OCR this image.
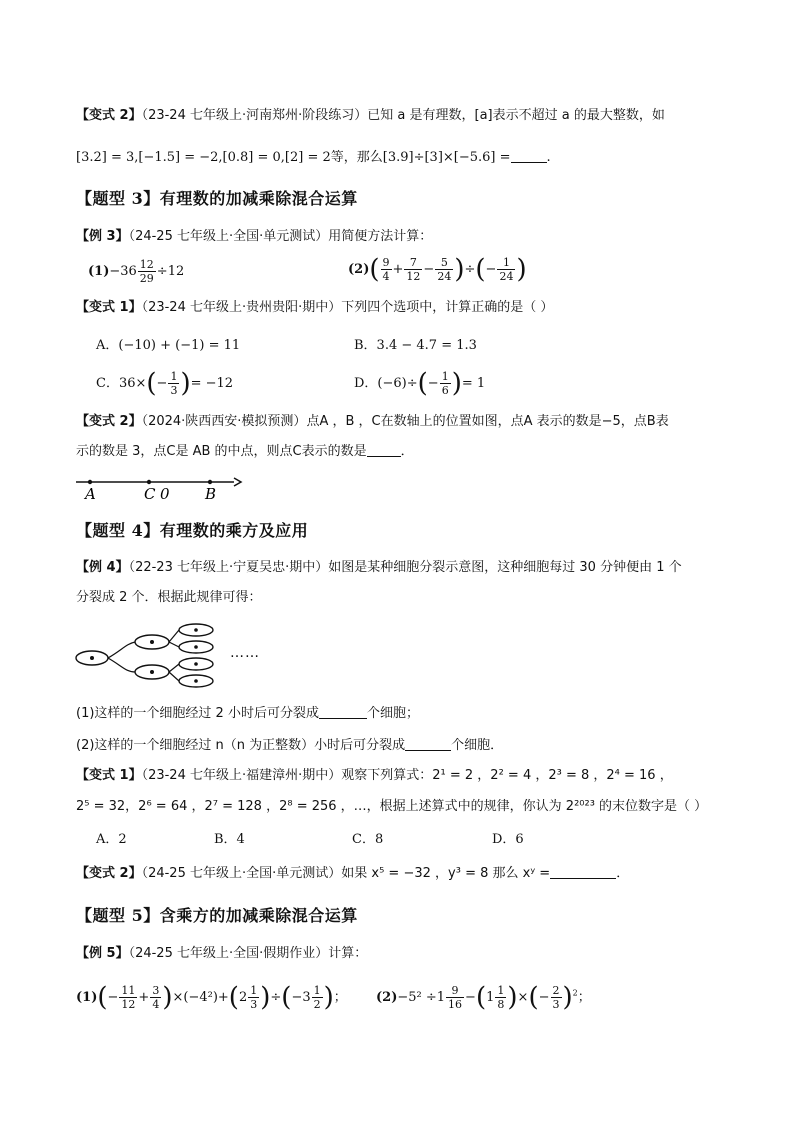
【变式 2】（23-24 七年级上·河南郑州·阶段练习）已知 a 是有理数，[a]表示不超过 a 的最大整数，如
[3.2] = 3,[−1.5] = −2,[0.8] = 0,[2] = 2等，那么[3.9]÷[3]×[−5.6] =	.
【题型 3】有理数的加减乘除混合运算
【例 3】（24-25 七年级上·全国·单元测试）用简便方法计算：
$(1)-36 \frac{12}{29} \div 12$	$(2)( \frac{9}{4} + \frac{7}{12} - \frac{5}{24}$ )÷(− $\frac{1}{24}$ )
【变式 1】（23-24 七年级上·贵州贵阳·期中）下列四个选项中，计算正确的是（ ）
A．(−10) + (−1) = 11	B．3.4 − 4.7 = 1.3
C．$36\times(- \frac{1}{3}$ )= −12	D．$(-6)\div(- \frac{1}{6}$ )= 1
【变式 2】（2024·陕西西安·模拟预测）点A ，B ，C在数轴上的位置如图，点A 表示的数是−5，点B表
示的数是 3，点C是 AB 的中点，则点C表示的数是	．
A	C 0 B
【题型 4】有理数的乘方及应用
【例 4】（22-23 七年级上·宁夏吴忠·期中）如图是某种细胞分裂示意图，这种细胞每过 30 分钟便由 1 个
分裂成 2 个．根据此规律可得：
……
(1)这样的一个细胞经过 2 小时后可分裂成	个细胞；
(2)这样的一个细胞经过 n（n 为正整数）小时后可分裂成	个细胞．
【变式 1】（23-24 七年级上·福建漳州·期中）观察下列算式：2¹ = 2 ，2² = 4 ，2³ = 8 ，2⁴ = 16 ，
2⁵ = 32，2⁶ = 64 ，2⁷ = 128 ，2⁸ = 256 ，…，根据上述算式中的规律，你认为 2²⁰²³ 的末位数字是（ ）
A．2	B．4	C．8	D．6
【变式 2】（24-25 七年级上·全国·单元测试）如果 x⁵ = −32 ，y³ = 8 那么 xʸ =	．
【题型 5】含乘方的加减乘除混合运算
【例 5】（24-25 七年级上·全国·假期作业）计算：
$(1)(- \frac{11}{12} + \frac{3}{4} )\times(-4^2)+(2 \frac{1}{3} )\div(-3 \frac{1}{2}$ )； $(2)-5^2 \div 1 \frac{9}{16} -(1 \frac{1}{8}$ )×(− $\frac{2}{3} )^2$；
